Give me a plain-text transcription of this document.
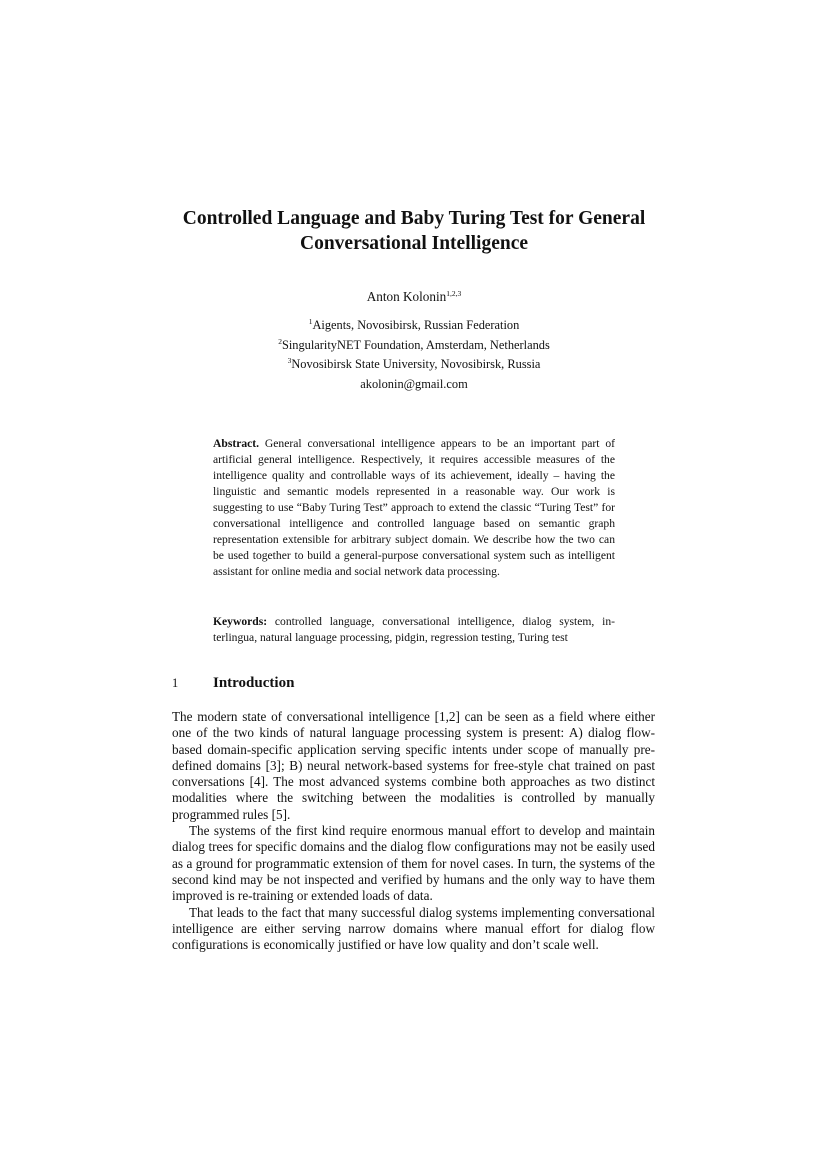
Controlled Language and Baby Turing Test for General
Conversational Intelligence
Anton Kolonin$^{1,2,3}$
$^1$Aigents, Novosibirsk, Russian Federation
$^2$SingularityNET Foundation, Amsterdam, Netherlands
$^3$Novosibirsk State University, Novosibirsk, Russia
akolonin@gmail.com
Abstract. General conversational intelligence appears to be an important part of artificial general intelligence. Respectively, it requires accessible measures of the intelligence quality and controllable ways of its achievement, ideally – having the linguistic and semantic models represented in a reasonable way. Our work is suggesting to use “Baby Turing Test” approach to extend the classic “Turing Test” for conversational intelligence and controlled language based on semantic graph representation extensible for arbitrary subject domain. We describe how the two can be used together to build a general-purpose conversational system such as intelligent assistant for online media and social network data processing.
Keywords: controlled language, conversational intelligence, dialog system, interlingua, natural language processing, pidgin, regression testing, Turing test
1 Introduction

The modern state of conversational intelligence [1,2] can be seen as a field where either one of the two kinds of natural language processing system is present: A) dialog flow-based domain-specific application serving specific intents under scope of manually pre-defined domains [3]; B) neural network-based systems for free-style chat trained on past conversations [4]. The most advanced systems combine both approaches as two distinct modalities where the switching between the modalities is controlled by manually programmed rules [5].

The systems of the first kind require enormous manual effort to develop and maintain dialog trees for specific domains and the dialog flow configurations may not be easily used as a ground for programmatic extension of them for novel cases. In turn, the systems of the second kind may be not inspected and verified by humans and the only way to have them improved is re-training or extended loads of data.

That leads to the fact that many successful dialog systems implementing conversational intelligence are either serving narrow domains where manual effort for dialog flow configurations is economically justified or have low quality and don’t scale well.
